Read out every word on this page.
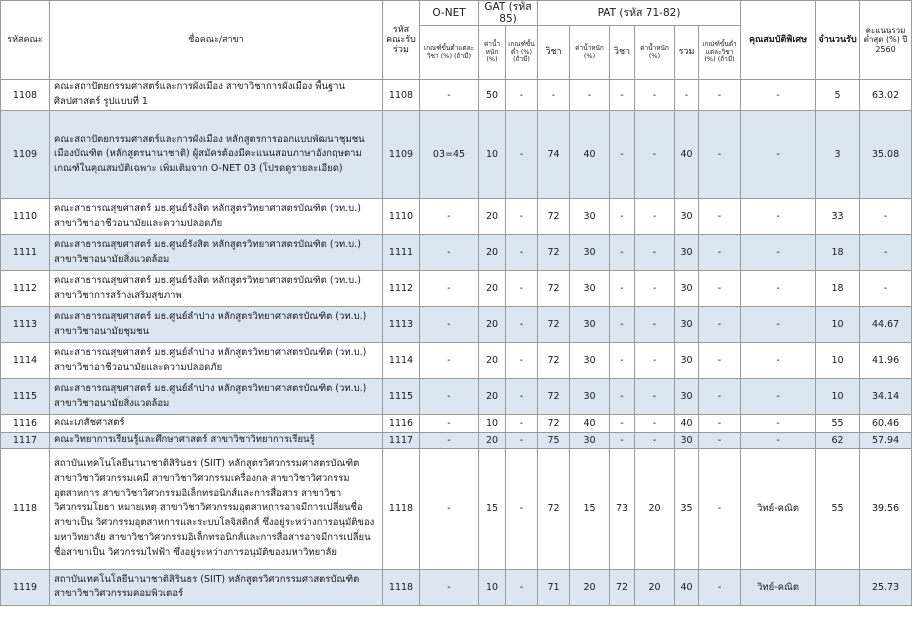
รหัสคณะ	ชื่อคณะ/สาขา	รหัสคณะรับร่วม	O-NET	GAT (รหัส 85)		PAT (รหัส 71-82)						คุณสมบัติพิเศษ	จำนวนรับ	คะแนนรวมต่ำสุด (%) ปี 2560
			เกณฑ์ขั้นต่ำแต่ละวิชา (%) (ถ้ามี)	ค่าน้ำหนัก (%)	เกณฑ์ขั้นต่ำ (%) (ถ้ามี)	วิชา	ค่าน้ำหนัก (%)	วิชา	ค่าน้ำหนัก (%)	รวม	เกณฑ์ขั้นต่ำแต่ละวิชา (%) (ถ้ามี)			
1108	คณะสถาปัตยกรรมศาสตร์และการผังเมือง สาขาวิชาการผังเมือง พื้นฐานศิลปศาสตร์ รูปแบบที่ 1	1108	-	50	-	-	-	-	-	-	-	-	5	63.02
1109	คณะสถาปัตยกรรมศาสตร์และการผังเมือง หลักสูตรการออกแบบพัฒนาชุมชนเมืองบัณฑิต (หลักสูตรนานาชาติ) ผู้สมัครต้องมีคะแนนสอบภาษาอังกฤษตามเกณฑ์ในคุณสมบัติเฉพาะ เพิ่มเติมจาก O-NET 03 (โปรดดูรายละเอียด)	1109	03=45	10	-	74	40	-	-	40	-	-	3	35.08
1110	คณะสาธารณสุขศาสตร์ มธ.ศูนย์รังสิต หลักสูตรวิทยาศาสตรบัณฑิต (วท.บ.) สาขาวิชาอาชีวอนามัยและความปลอดภัย	1110	-	20	-	72	30	-	-	30	-	-	33	-
1111	คณะสาธารณสุขศาสตร์ มธ.ศูนย์รังสิต หลักสูตรวิทยาศาสตรบัณฑิต (วท.บ.) สาขาวิชาอนามัยสิ่งแวดล้อม	1111	-	20	-	72	30	-	-	30	-	-	18	-
1112	คณะสาธารณสุขศาสตร์ มธ.ศูนย์รังสิต หลักสูตรวิทยาศาสตรบัณฑิต (วท.บ.) สาขาวิชาการสร้างเสริมสุขภาพ	1112	-	20	-	72	30	-	-	30	-	-	18	-
1113	คณะสาธารณสุขศาสตร์ มธ.ศูนย์ลำปาง หลักสูตรวิทยาศาสตรบัณฑิต (วท.บ.) สาขาวิชาอนามัยชุมชน	1113	-	20	-	72	30	-	-	30	-	-	10	44.67
1114	คณะสาธารณสุขศาสตร์ มธ.ศูนย์ลำปาง หลักสูตรวิทยาศาสตรบัณฑิต (วท.บ.) สาขาวิชาอาชีวอนามัยและความปลอดภัย	1114	-	20	-	72	30	-	-	30	-	-	10	41.96
1115	คณะสาธารณสุขศาสตร์ มธ.ศูนย์ลำปาง หลักสูตรวิทยาศาสตรบัณฑิต (วท.บ.) สาขาวิชาอนามัยสิ่งแวดล้อม	1115	-	20	-	72	30	-	-	30	-	-	10	34.14
1116	คณะเภสัชศาสตร์	1116	-	10	-	72	40	-	-	40	-	-	55	60.46
1117	คณะวิทยาการเรียนรู้และศึกษาศาสตร์ สาขาวิชาวิทยาการเรียนรู้	1117	-	20	-	75	30	-	-	30	-	-	62	57.94
1118	สถาบันเทคโนโลยีนานาชาติสิรินธร (SIIT) หลักสูตรวิศวกรรมศาสตรบัณฑิต สาขาวิชาวิศวกรรมเคมี สาขาวิชาวิศวกรรมเครื่องกล สาขาวิชาวิศวกรรมอุตสาหการ สาขาวิชาวิศวกรรมอิเล็กทรอนิกส์และการสื่อสาร สาขาวิชาวิศวกรรมโยธา หมายเหตุ สาขาวิชาวิศวกรรมอุตสาหการอาจมีการเปลี่ยนชื่อสาขาเป็น วิศวกรรมอุตสาหการและระบบโลจิสติกส์ ซึ่งอยู่ระหว่างการอนุมัติของมหาวิทยาลัย สาขาวิชาวิศวกรรมอิเล็กทรอนิกส์และการสื่อสารอาจมีการเปลี่ยนชื่อสาขาเป็น วิศวกรรมไฟฟ้า ซึ่งอยู่ระหว่างการอนุมัติของมหาวิทยาลัย	1118	-	15	-	72	15	73	20	35	-	วิทย์-คณิต	55	39.56
1119	สถาบันเทคโนโลยีนานาชาติสิรินธร (SIIT) หลักสูตรวิศวกรรมศาสตรบัณฑิตสาขาวิชาวิศวกรรมคอมพิวเตอร์	1118	-	10	-	71	20	72	20	40	-	วิทย์-คณิต		25.73
